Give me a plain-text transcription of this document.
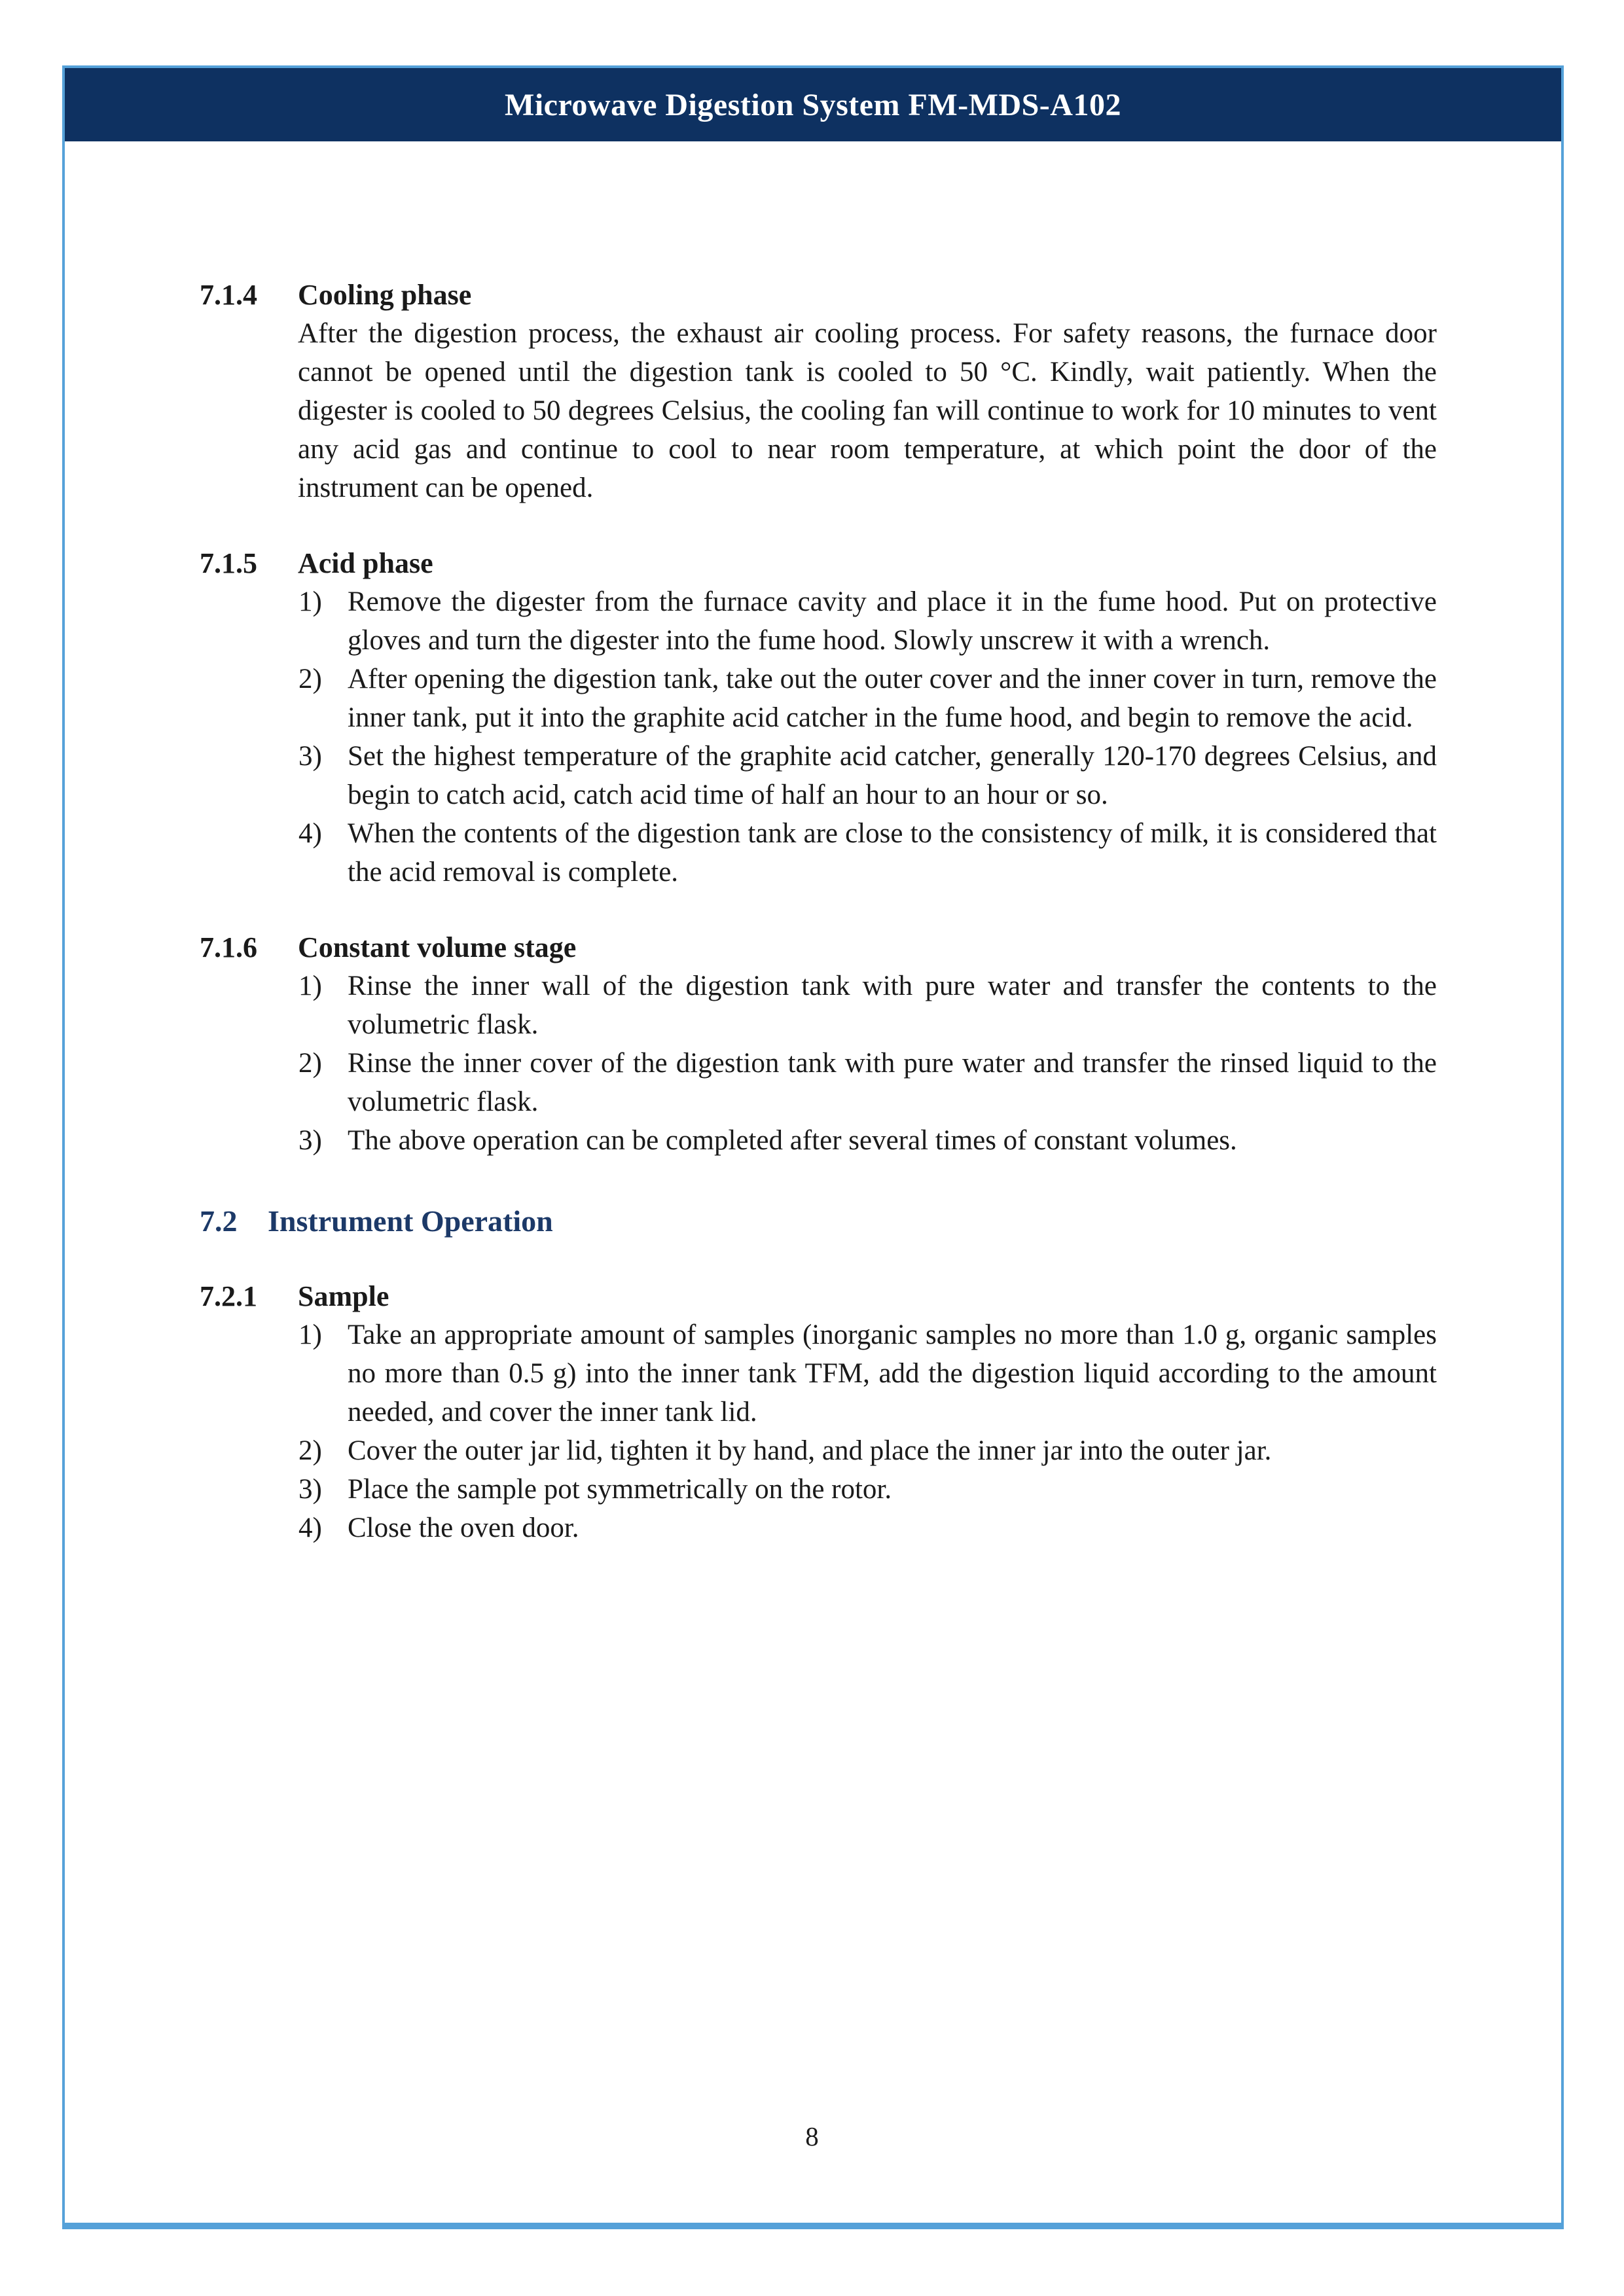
Microwave Digestion System FM-MDS-A102
7.1.4	Cooling phase

After the digestion process, the exhaust air cooling process. For safety reasons, the furnace door cannot be opened until the digestion tank is cooled to 50 °C. Kindly, wait patiently. When the digester is cooled to 50 degrees Celsius, the cooling fan will continue to work for 10 minutes to vent any acid gas and continue to cool to near room temperature, at which point the door of the instrument can be opened.

7.1.5	Acid phase
1) Remove the digester from the furnace cavity and place it in the fume hood. Put on protective gloves and turn the digester into the fume hood. Slowly unscrew it with a wrench.
2) After opening the digestion tank, take out the outer cover and the inner cover in turn, remove the inner tank, put it into the graphite acid catcher in the fume hood, and begin to remove the acid.
3) Set the highest temperature of the graphite acid catcher, generally 120-170 degrees Celsius, and begin to catch acid, catch acid time of half an hour to an hour or so.
4) When the contents of the digestion tank are close to the consistency of milk, it is considered that the acid removal is complete.
7.1.6	Constant volume stage
1) Rinse the inner wall of the digestion tank with pure water and transfer the contents to the volumetric flask.
2) Rinse the inner cover of the digestion tank with pure water and transfer the rinsed liquid to the volumetric flask.
3) The above operation can be completed after several times of constant volumes.
7.2	Instrument Operation
7.2.1	Sample
1) Take an appropriate amount of samples (inorganic samples no more than 1.0 g, organic samples no more than 0.5 g) into the inner tank TFM, add the digestion liquid according to the amount needed, and cover the inner tank lid.
2) Cover the outer jar lid, tighten it by hand, and place the inner jar into the outer jar.
3) Place the sample pot symmetrically on the rotor.
4) Close the oven door.
8
